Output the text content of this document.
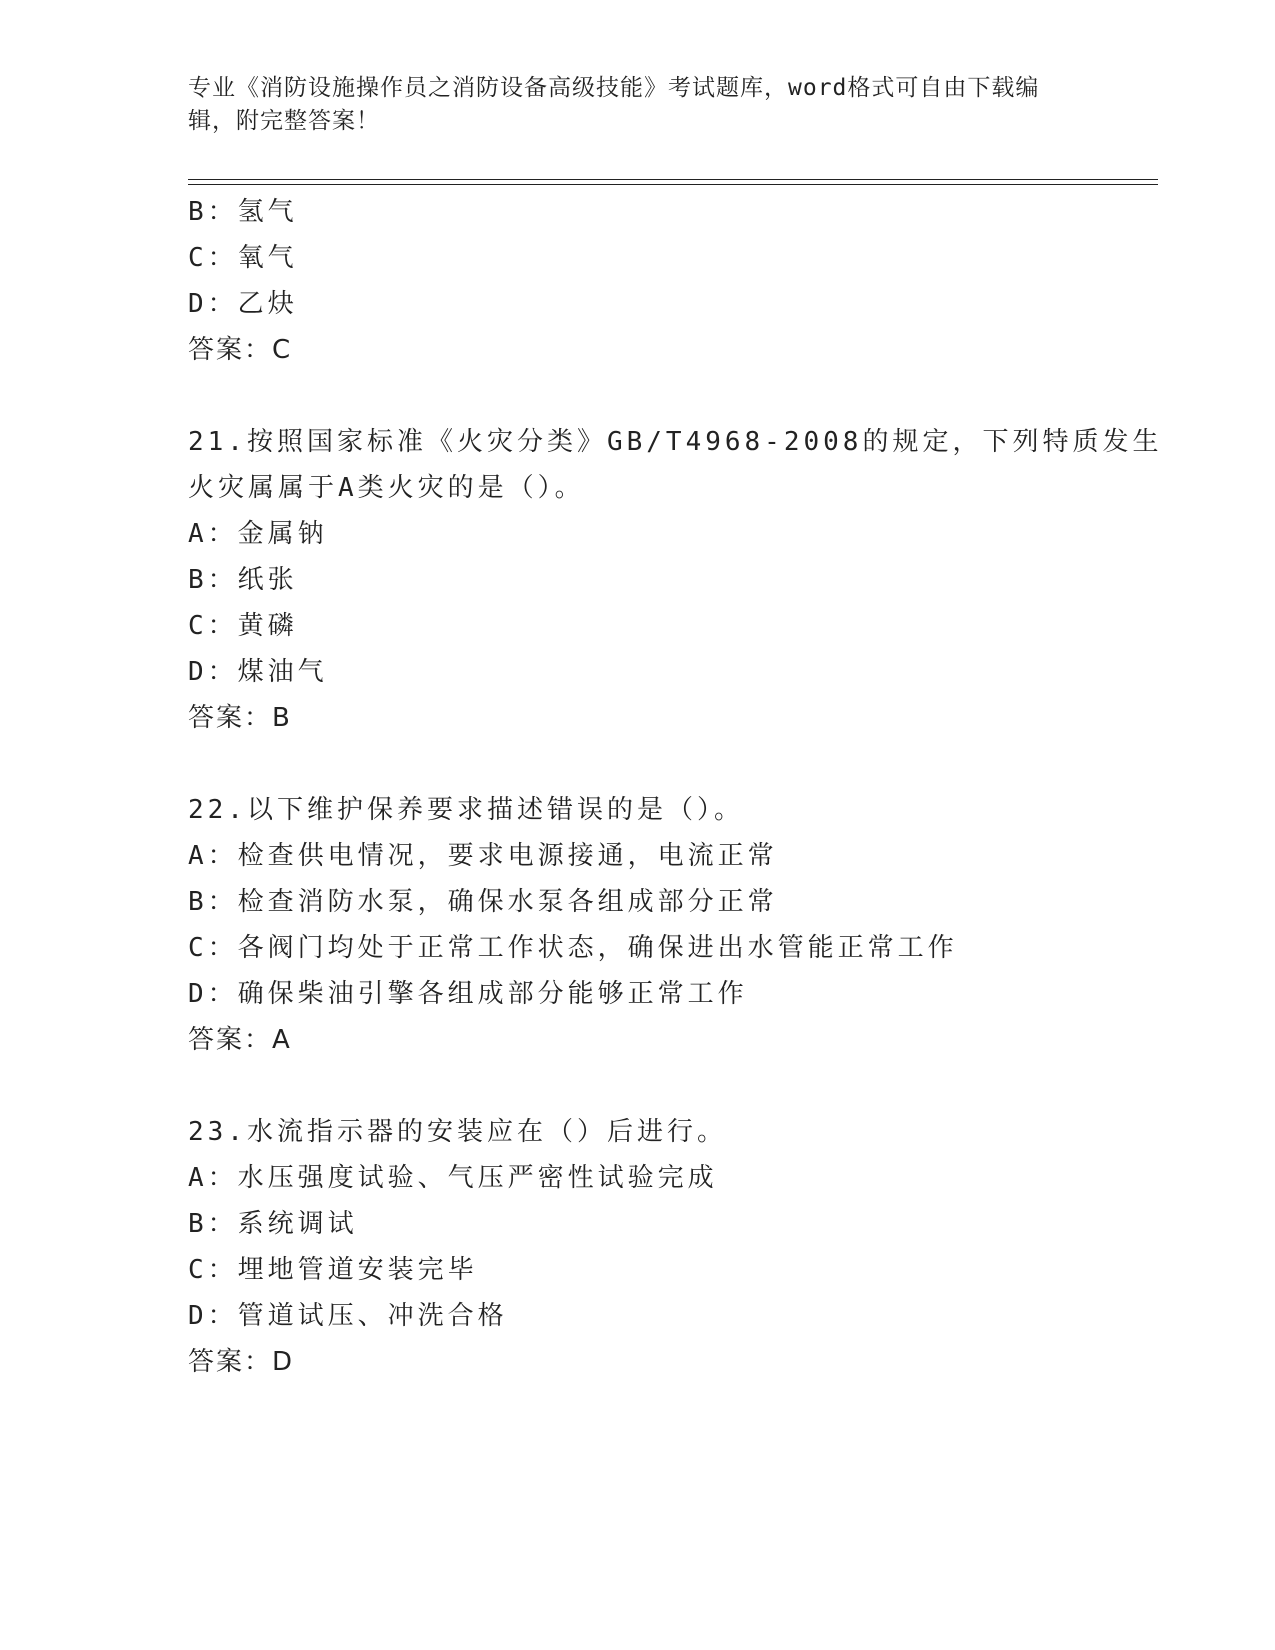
专业《消防设施操作员之消防设备高级技能》考试题库，word格式可自由下载编
辑，附完整答案！
B：氢气
C：氧气
D：乙炔
答案：C
21.按照国家标准《火灾分类》GB/T4968-2008的规定，下列特质发生
火灾属属于A类火灾的是（）。
A：金属钠
B：纸张
C：黄磷
D：煤油气
答案：B
22.以下维护保养要求描述错误的是（）。
A：检查供电情况，要求电源接通，电流正常
B：检查消防水泵，确保水泵各组成部分正常
C：各阀门均处于正常工作状态，确保进出水管能正常工作
D：确保柴油引擎各组成部分能够正常工作
答案：A
23.水流指示器的安装应在（）后进行。
A：水压强度试验、气压严密性试验完成
B：系统调试
C：埋地管道安装完毕
D：管道试压、冲洗合格
答案：D
